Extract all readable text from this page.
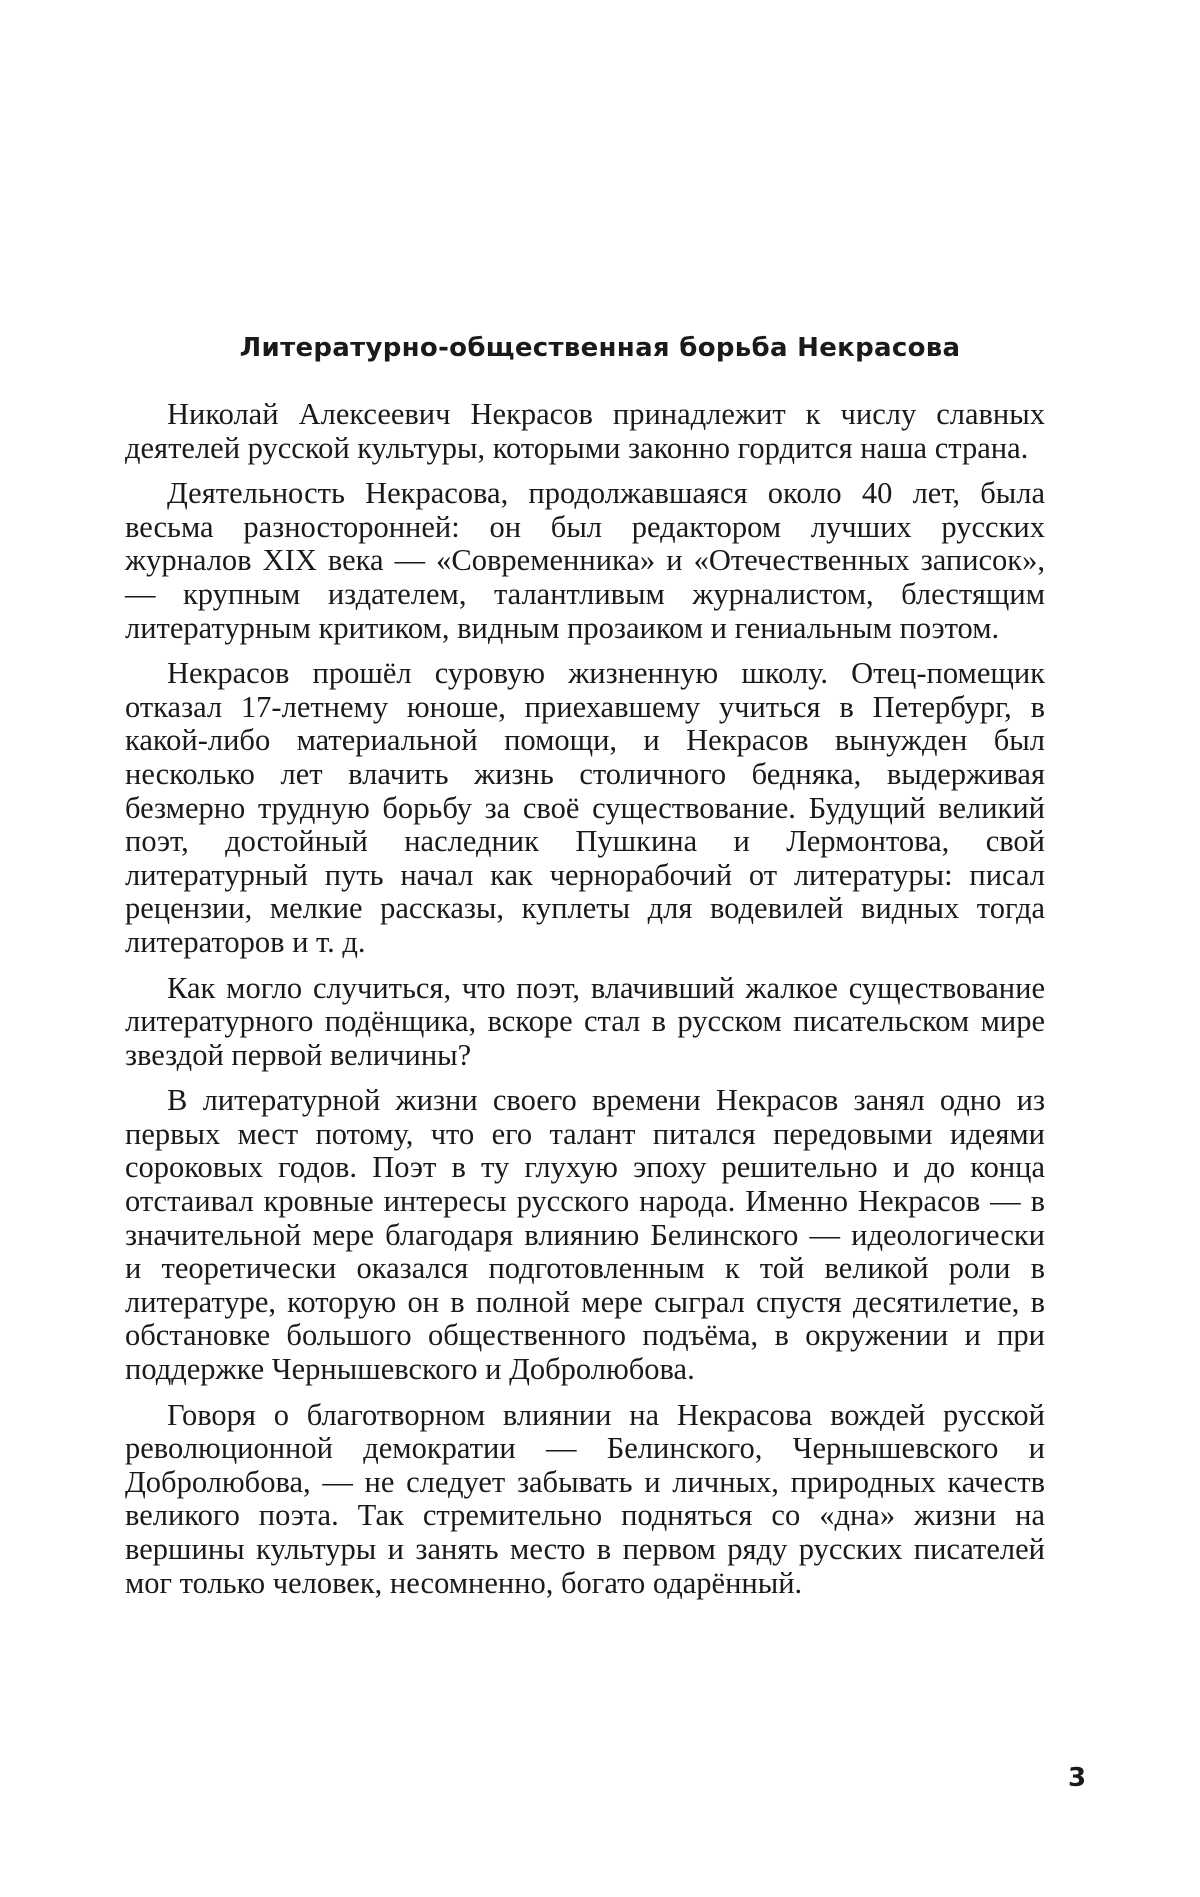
Литературно-общественная борьба Некрасова

Николай Алексеевич Некрасов принадлежит к числу славных деятелей русской культуры, которыми законно гордится наша страна.

Деятельность Некрасова, продолжавшаяся около 40 лет, была весьма разносторонней: он был редактором лучших русских журналов XIX века — «Современника» и «Отечественных записок», — крупным издателем, талантливым журналистом, блестящим литературным критиком, видным прозаиком и гениальным поэтом.

Некрасов прошёл суровую жизненную школу. Отец-помещик отказал 17-летнему юноше, приехавшему учиться в Петербург, в какой-либо материальной помощи, и Некрасов вынужден был несколько лет влачить жизнь столичного бедняка, выдерживая безмерно трудную борьбу за своё существование. Будущий великий поэт, достойный наследник Пушкина и Лермонтова, свой литературный путь начал как чернорабочий от литературы: писал рецензии, мелкие рассказы, куплеты для водевилей видных тогда литераторов и т. д.

Как могло случиться, что поэт, влачивший жалкое существование литературного подёнщика, вскоре стал в русском писательском мире звездой первой величины?

В литературной жизни своего времени Некрасов занял одно из первых мест потому, что его талант питался передовыми идеями сороковых годов. Поэт в ту глухую эпоху решительно и до конца отстаивал кровные интересы русского народа. Именно Некрасов — в значительной мере благодаря влиянию Белинского — идеологически и теоретически оказался подготовленным к той великой роли в литературе, которую он в полной мере сыграл спустя десятилетие, в обстановке большого общественного подъёма, в окружении и при поддержке Чернышевского и Добролюбова.

Говоря о благотворном влиянии на Некрасова вождей русской революционной демократии — Белинского, Чернышевского и Добролюбова, — не следует забывать и личных, природных качеств великого поэта. Так стремительно подняться со «дна» жизни на вершины культуры и занять место в первом ряду русских писателей мог только человек, несомненно, богато одарённый.

3
